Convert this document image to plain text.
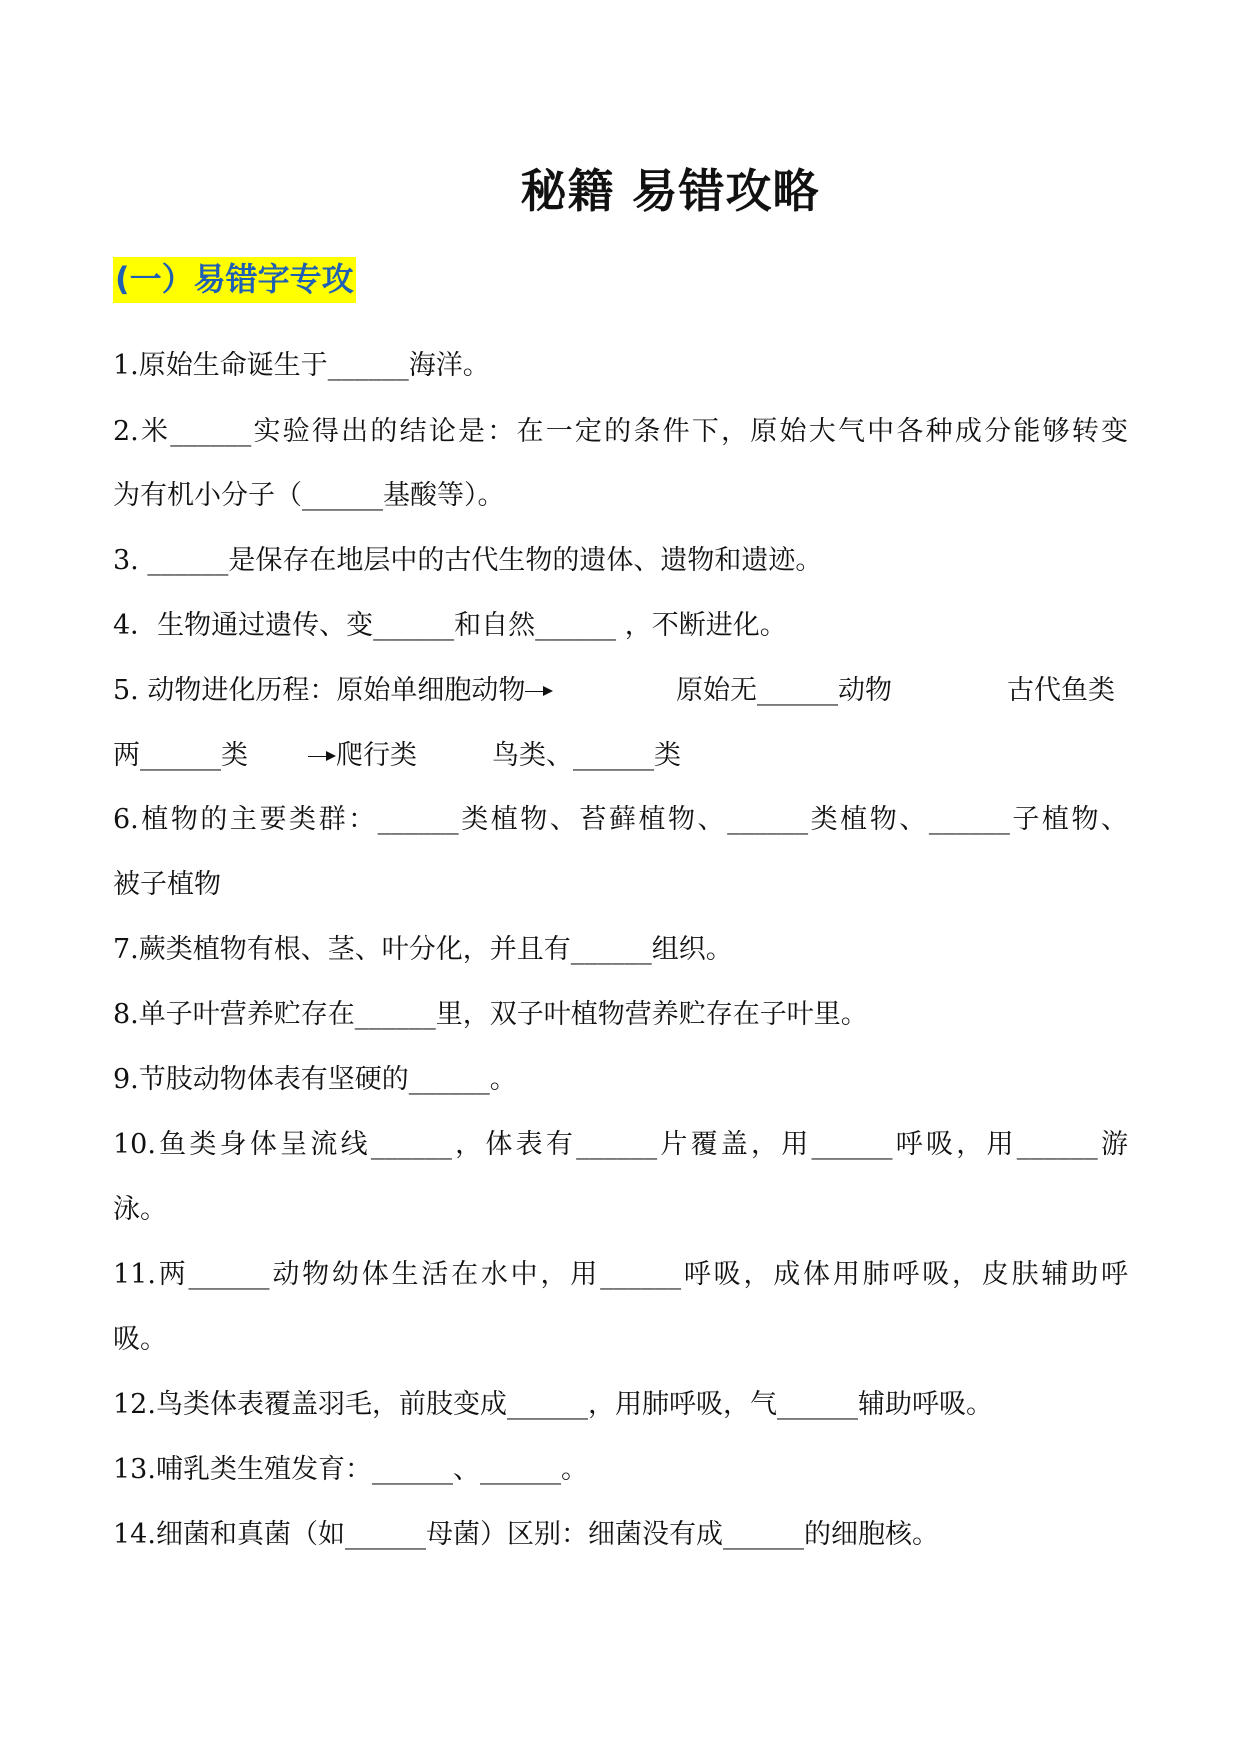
秘籍 易错攻略
(一）易错字专攻
1.原始生命诞生于______海洋。
2.米______实验得出的结论是：在一定的条件下，原始大气中各种成分能够转变
为有机小分子（______基酸等）。
3. ______是保存在地层中的古代生物的遗体、遗物和遗迹。
4．生物通过遗传、变______和自然______ ，不断进化。
5. 动物进化历程：原始单细胞动物	原始无______动物	古代鱼类
两______类	爬行类	鸟类、______类
6.植物的主要类群：______类植物、苔藓植物、______类植物、______子植物、
被子植物
7.蕨类植物有根、茎、叶分化，并且有______组织。
8.单子叶营养贮存在______里，双子叶植物营养贮存在子叶里。
9.节肢动物体表有坚硬的______。
10.鱼类身体呈流线______，体表有______片覆盖，用______呼吸，用______游
泳。
11.两______动物幼体生活在水中，用______呼吸，成体用肺呼吸，皮肤辅助呼
吸。
12.鸟类体表覆盖羽毛，前肢变成______，用肺呼吸，气______辅助呼吸。
13.哺乳类生殖发育：______、______。
14.细菌和真菌（如______母菌）区别：细菌没有成______的细胞核。
